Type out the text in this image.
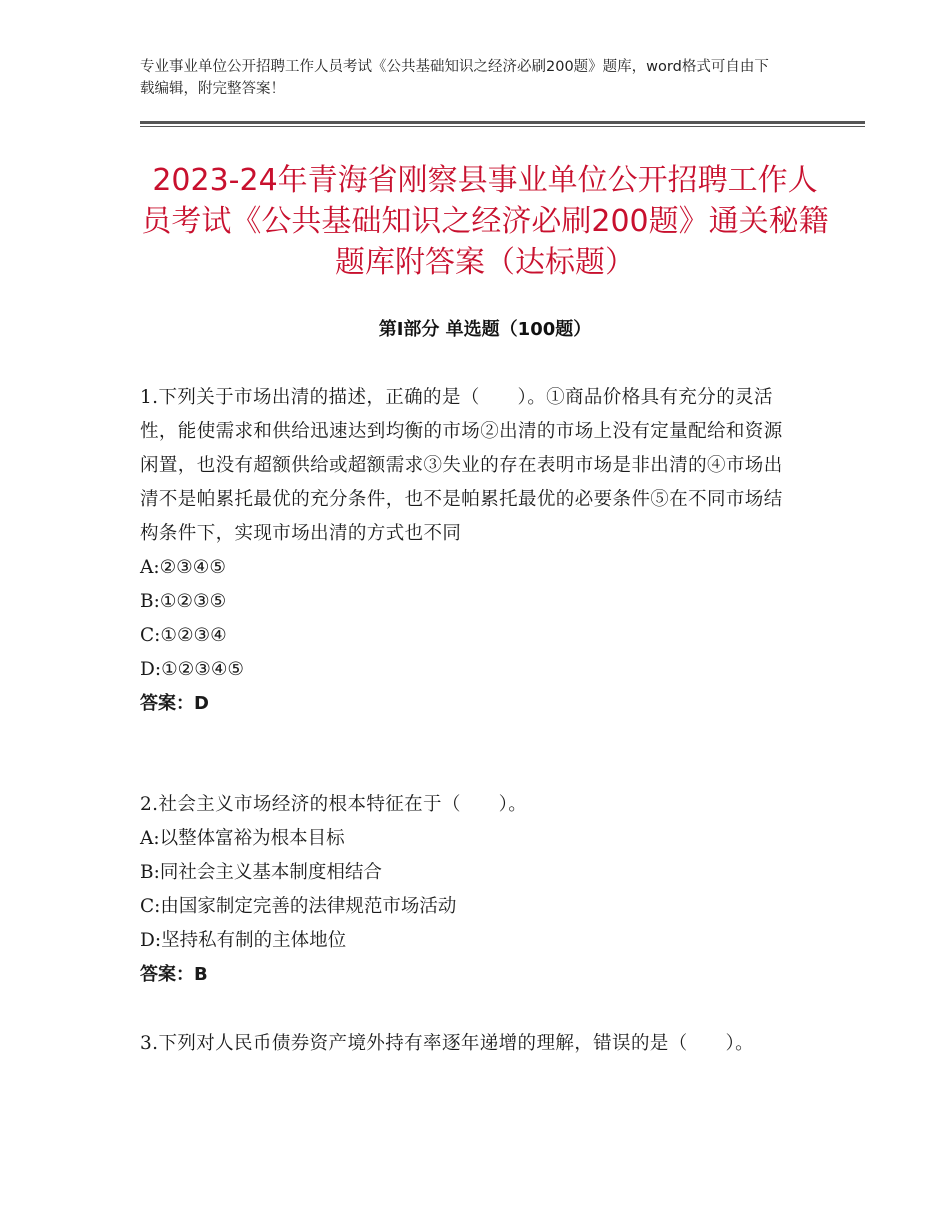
专业事业单位公开招聘工作人员考试《公共基础知识之经济必刷200题》题库，word格式可自由下载编辑，附完整答案！
2023-24年青海省刚察县事业单位公开招聘工作人员考试《公共基础知识之经济必刷200题》通关秘籍题库附答案（达标题）
第Ⅰ部分 单选题（100题）

1.下列关于市场出清的描述，正确的是（　　）。①商品价格具有充分的灵活性，能使需求和供给迅速达到均衡的市场②出清的市场上没有定量配给和资源闲置，也没有超额供给或超额需求③失业的存在表明市场是非出清的④市场出清不是帕累托最优的充分条件，也不是帕累托最优的必要条件⑤在不同市场结构条件下，实现市场出清的方式也不同

A:②③④⑤

B:①②③⑤

C:①②③④

D:①②③④⑤

答案：D

2.社会主义市场经济的根本特征在于（　　）。

A:以整体富裕为根本目标

B:同社会主义基本制度相结合

C:由国家制定完善的法律规范市场活动

D:坚持私有制的主体地位

答案：B

3.下列对人民币债券资产境外持有率逐年递增的理解，错误的是（　　）。
